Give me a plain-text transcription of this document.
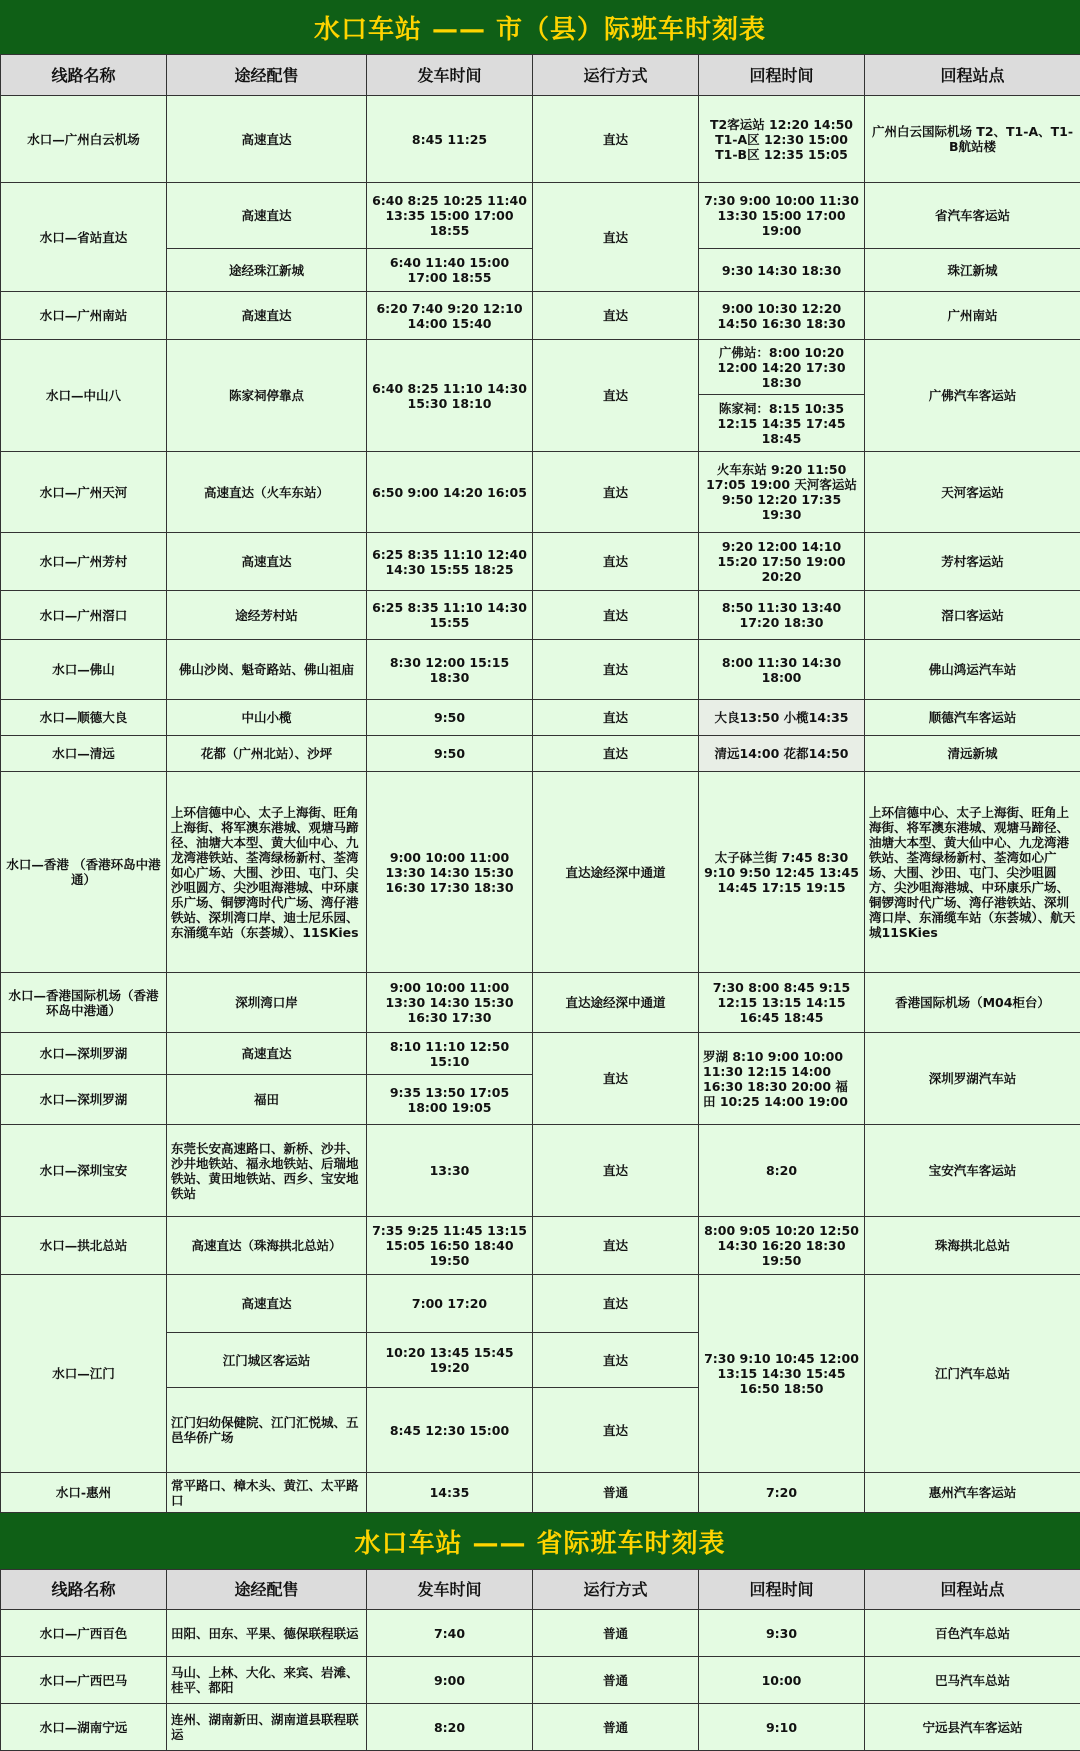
水口车站 —— 市（县）际班车时刻表
线路名称	途经配售	发车时间	运行方式	回程时间	回程站点
水口—广州白云机场	高速直达	8:45 11:25	直达	T2客运站 12:20 14:50 T1-A区 12:30 15:00 T1-B区 12:35 15:05	广州白云国际机场 T2、T1-A、T1-B航站楼
水口—省站直达	高速直达	6:40 8:25 10:25 11:40 13:35 15:00 17:00 18:55	直达	7:30 9:00 10:00 11:30 13:30 15:00 17:00 19:00	省汽车客运站
	途经珠江新城	6:40 11:40 15:00 17:00 18:55		9:30 14:30 18:30	珠江新城
水口—广州南站	高速直达	6:20 7:40 9:20 12:10 14:00 15:40	直达	9:00 10:30 12:20 14:50 16:30 18:30	广州南站
水口—中山八	陈家祠停靠点	6:40 8:25 11:10 14:30 15:30 18:10	直达	广佛站：8:00 10:20 12:00 14:20 17:30 18:30	广佛汽车客运站
				陈家祠：8:15 10:35 12:15 14:35 17:45 18:45	
水口—广州天河	高速直达（火车东站）	6:50 9:00 14:20 16:05	直达	火车东站 9:20 11:50 17:05 19:00 天河客运站 9:50 12:20 17:35 19:30	天河客运站
水口—广州芳村	高速直达	6:25 8:35 11:10 12:40 14:30 15:55 18:25	直达	9:20 12:00 14:10 15:20 17:50 19:00 20:20	芳村客运站
水口—广州滘口	途经芳村站	6:25 8:35 11:10 14:30 15:55	直达	8:50 11:30 13:40 17:20 18:30	滘口客运站
水口—佛山	佛山沙岗、魁奇路站、佛山祖庙	8:30 12:00 15:15 18:30	直达	8:00 11:30 14:30 18:00	佛山鸿运汽车站
水口—顺德大良	中山小榄	9:50	直达	大良13:50 小榄14:35	顺德汽车客运站
水口—清远	花都（广州北站）、沙坪	9:50	直达	清远14:00 花都14:50	清远新城
水口—香港 （香港环岛中港通）	上环信德中心、太子上海街、旺角上海街、将军澳东港城、观塘马蹄径、油塘大本型、黄大仙中心、九龙湾港铁站、荃湾绿杨新村、荃湾如心广场、大围、沙田、屯门、尖沙咀圆方、尖沙咀海港城、中环康乐广场、铜锣湾时代广场、湾仔港铁站、深圳湾口岸、迪士尼乐园、东涌缆车站（东荟城）、11SKies	9:00 10:00 11:00 13:30 14:30 15:30 16:30 17:30 18:30	直达途经深中通道	太子砵兰街 7:45 8:30 9:10 9:50 12:45 13:45 14:45 17:15 19:15	上环信德中心、太子上海街、旺角上海街、将军澳东港城、观塘马蹄径、油塘大本型、黄大仙中心、九龙湾港铁站、荃湾绿杨新村、荃湾如心广场、大围、沙田、屯门、尖沙咀圆方、尖沙咀海港城、中环康乐广场、铜锣湾时代广场、湾仔港铁站、深圳湾口岸、东涌缆车站（东荟城）、航天城11SKies
水口—香港国际机场（香港环岛中港通）	深圳湾口岸	9:00 10:00 11:00 13:30 14:30 15:30 16:30 17:30	直达途经深中通道	7:30 8:00 8:45 9:15 12:15 13:15 14:15 16:45 18:45	香港国际机场（M04柜台）
水口—深圳罗湖	高速直达	8:10 11:10 12:50 15:10	直达	罗湖 8:10 9:00 10:00 11:30 12:15 14:00 16:30 18:30 20:00 福田 10:25 14:00 19:00	深圳罗湖汽车站
水口—深圳罗湖	福田	9:35 13:50 17:05 18:00 19:05			
水口—深圳宝安	东莞长安高速路口、新桥、沙井、沙井地铁站、福永地铁站、后瑞地铁站、黄田地铁站、西乡、宝安地铁站	13:30	直达	8:20	宝安汽车客运站
水口—拱北总站	高速直达（珠海拱北总站）	7:35 9:25 11:45 13:15 15:05 16:50 18:40 19:50	直达	8:00 9:05 10:20 12:50 14:30 16:20 18:30 19:50	珠海拱北总站
水口—江门	高速直达	7:00 17:20	直达	7:30 9:10 10:45 12:00 13:15 14:30 15:45 16:50 18:50	江门汽车总站
	江门城区客运站	10:20 13:45 15:45 19:20	直达		
	江门妇幼保健院、江门汇悦城、五邑华侨广场	8:45 12:30 15:00	直达		
水口-惠州	常平路口、樟木头、黄江、太平路口	14:35	普通	7:20	惠州汽车客运站
水口车站 —— 省际班车时刻表
线路名称	途经配售	发车时间	运行方式	回程时间	回程站点
水口—广西百色	田阳、田东、平果、德保联程联运	7:40	普通	9:30	百色汽车总站
水口—广西巴马	马山、上林、大化、来宾、岩滩、桂平、都阳	9:00	普通	10:00	巴马汽车总站
水口—湖南宁远	连州、湖南新田、湖南道县联程联运	8:20	普通	9:10	宁远县汽车客运站
